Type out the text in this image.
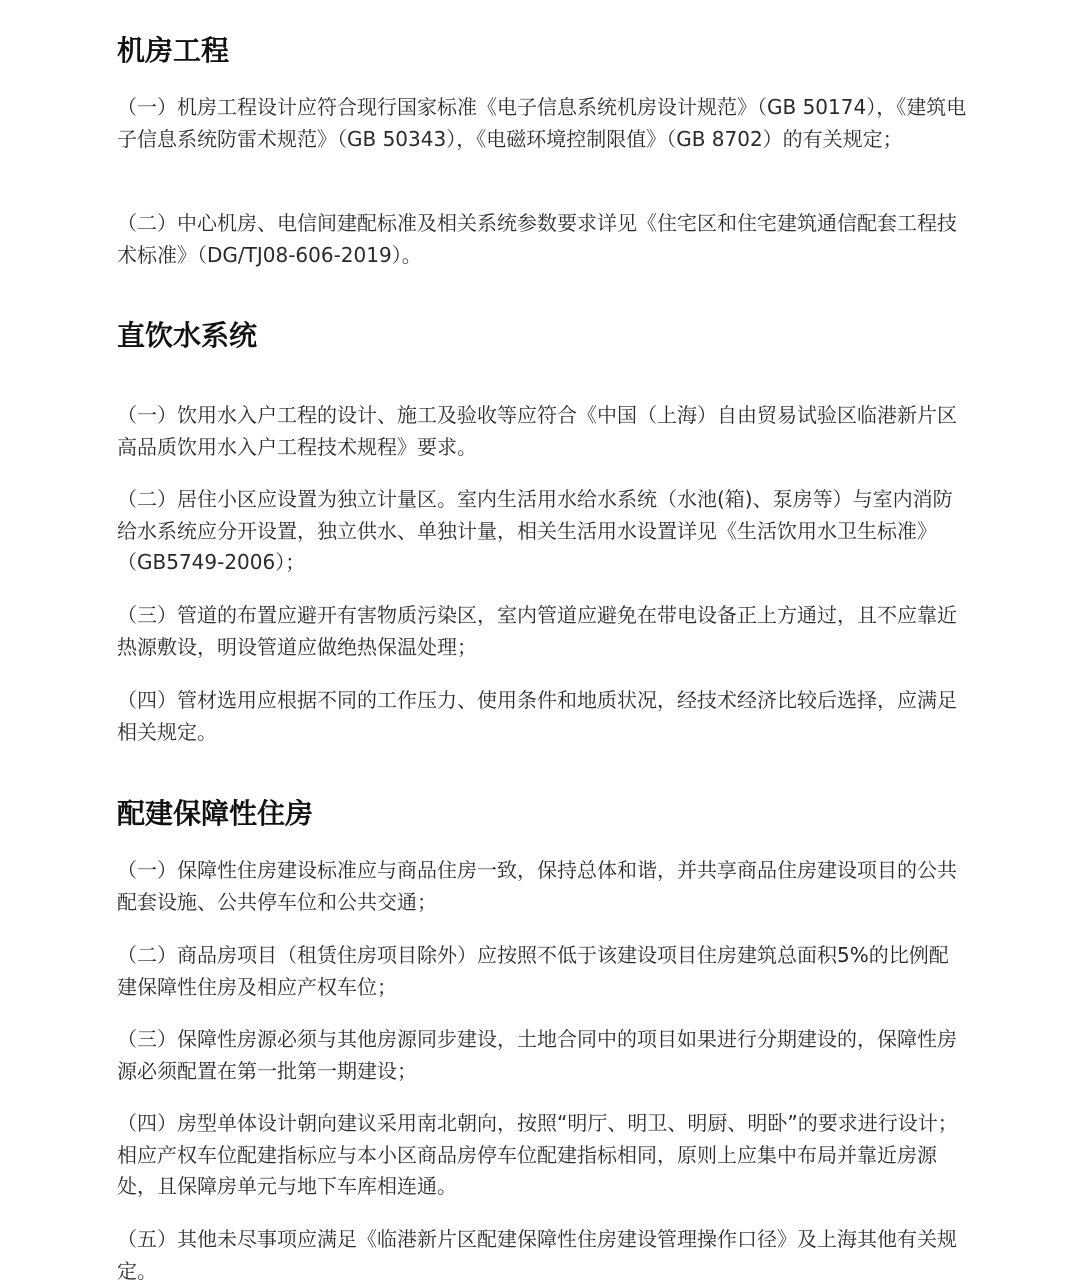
机房工程

（一）机房工程设计应符合现行国家标准《电子信息系统机房设计规范》（GB 50174），《建筑电子信息系统防雷术规范》（GB 50343），《电磁环境控制限值》（GB 8702）的有关规定；

（二）中心机房、电信间建配标准及相关系统参数要求详见《住宅区和住宅建筑通信配套工程技术标准》（DG/TJ08-606-2019）。

直饮水系统

（一）饮用水入户工程的设计、施工及验收等应符合《中国（上海）自由贸易试验区临港新片区高品质饮用水入户工程技术规程》要求。

（二）居住小区应设置为独立计量区。室内生活用水给水系统（水池(箱)、泵房等）与室内消防给水系统应分开设置，独立供水、单独计量，相关生活用水设置详见《生活饮用水卫生标准》（GB5749-2006）；

（三）管道的布置应避开有害物质污染区，室内管道应避免在带电设备正上方通过，且不应靠近热源敷设，明设管道应做绝热保温处理；

（四）管材选用应根据不同的工作压力、使用条件和地质状况，经技术经济比较后选择，应满足相关规定。

配建保障性住房

（一）保障性住房建设标准应与商品住房一致，保持总体和谐，并共享商品住房建设项目的公共配套设施、公共停车位和公共交通；

（二）商品房项目（租赁住房项目除外）应按照不低于该建设项目住房建筑总面积5%的比例配建保障性住房及相应产权车位；

（三）保障性房源必须与其他房源同步建设，土地合同中的项目如果进行分期建设的，保障性房源必须配置在第一批第一期建设；

（四）房型单体设计朝向建议采用南北朝向，按照“明厅、明卫、明厨、明卧”的要求进行设计；相应产权车位配建指标应与本小区商品房停车位配建指标相同，原则上应集中布局并靠近房源处，且保障房单元与地下车库相连通。

（五）其他未尽事项应满足《临港新片区配建保障性住房建设管理操作口径》及上海其他有关规定。
